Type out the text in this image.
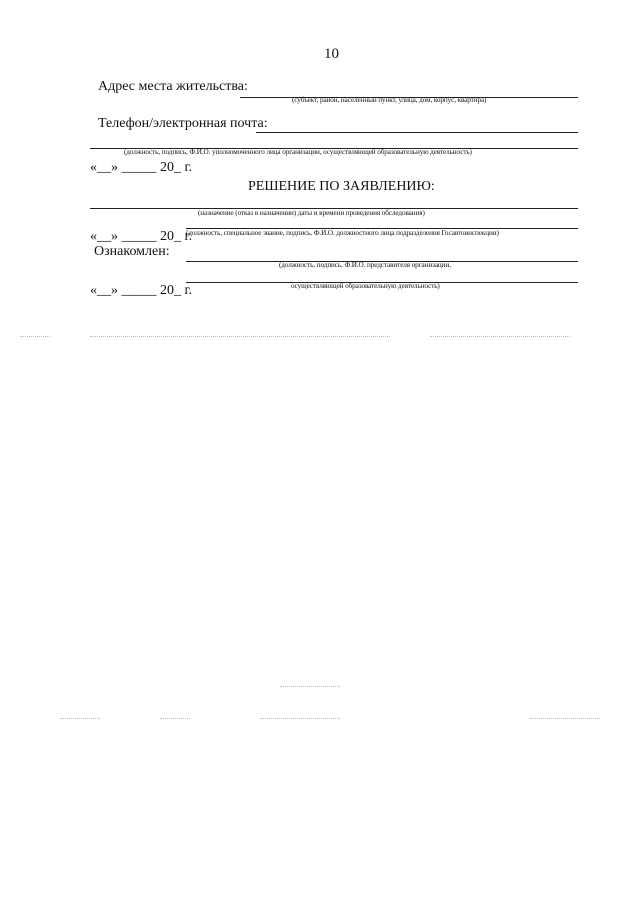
10
Адрес места жительства:
(субъект, район, населенный пункт, улица, дом, корпус, квартира)
Телефон/электронная почта:
(должность, подпись, Ф.И.О. уполномоченного лица организации, осуществляющей образовательную деятельность)
«__» _____ 20_ г.
РЕШЕНИЕ ПО ЗАЯВЛЕНИЮ:
(назначение (отказ в назначении) даты и времени проведения обследования)
«__» _____ 20_ г.
(должность, специальное звание, подпись, Ф.И.О. должностного лица подразделения Госавтоинспекции)
Ознакомлен:
(должность, подпись, Ф.И.О. представителя организации,
осуществляющей образовательную деятельность)
«__» _____ 20_ г.
